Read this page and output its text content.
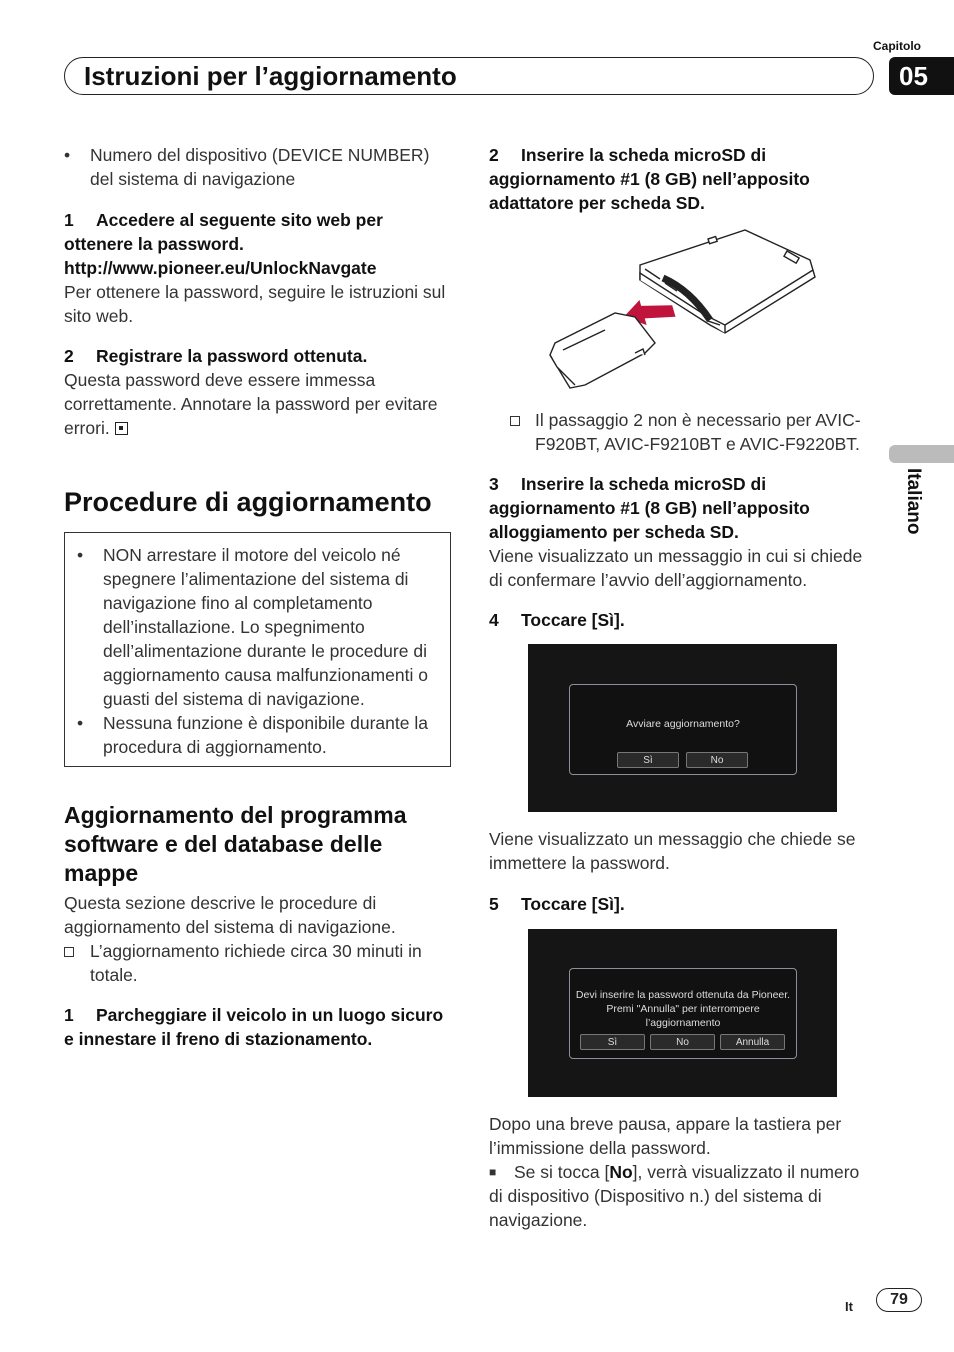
Istruzioni per l’aggiornamento
Capitolo
05
Italiano
•	Numero del dispositivo (DEVICE NUMBER) del sistema di navigazione

1 Accedere al seguente sito web per ottenere la password.

http://www.pioneer.eu/UnlockNavgate

Per ottenere la password, seguire le istruzioni sul sito web.

2 Registrare la password ottenuta.

Questa password deve essere immessa correttamente. Annotare la password per evitare errori.

Procedure di aggiornamento
•	NON arrestare il motore del veicolo né spegnere l’alimentazione del sistema di navigazione fino al completamento dell’installazione. Lo spegnimento dell’alimentazione durante le procedure di aggiornamento causa malfunzionamenti o guasti del sistema di navigazione.
•	Nessuna funzione è disponibile durante la procedura di aggiornamento.
Aggiornamento del programma software e del database delle mappe

Questa sezione descrive le procedure di aggiornamento del sistema di navigazione.

L’aggiornamento richiede circa 30 minuti in totale.

1 Parcheggiare il veicolo in un luogo sicuro e innestare il freno di stazionamento.

2 Inserire la scheda microSD di aggiornamento #1 (8 GB) nell’apposito adattatore per scheda SD.

Il passaggio 2 non è necessario per AVIC-F920BT, AVIC-F9210BT e AVIC-F9220BT.

3 Inserire la scheda microSD di aggiornamento #1 (8 GB) nell’apposito alloggiamento per scheda SD.

Viene visualizzato un messaggio in cui si chiede di confermare l’avvio dell’aggiornamento.

4 Toccare [Sì].

Avviare aggiornamento?
Sì	No

Viene visualizzato un messaggio che chiede se immettere la password.

5 Toccare [Sì].

Devi inserire la password ottenuta da Pioneer. Premi "Annulla" per interrompere l’aggiornamento
Sì	No	Annulla

Dopo una breve pausa, appare la tastiera per l’immissione della password.

■ Se si tocca [No], verrà visualizzato il numero di dispositivo (Dispositivo n.) del sistema di navigazione.

It	79
